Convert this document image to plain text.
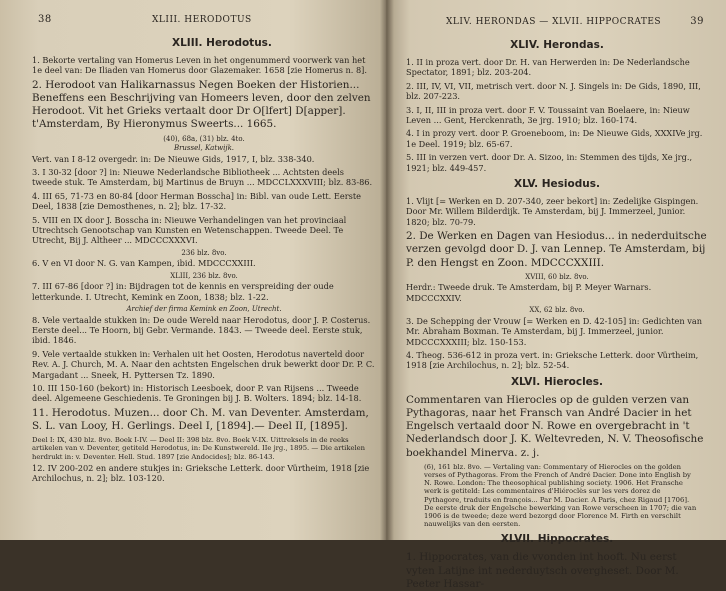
38	XLIII. HERODOTUS
XLIII. Herodotus.

1. Bekorte vertaling van Homerus Leven in het ongenummerd voorwerk van het 1e deel van: De Iliaden van Homerus door Glazemaker. 1658 [zie Homerus n. 8].

2. Herodoot van Halikarnassus Negen Boeken der Historien... Beneffens een Beschrijving van Homeers leven, door den zelven Herodoot. Vit het Grieks vertaalt door Dr O[lfert] D[apper]. t'Amsterdam, By Hieronymus Sweerts... 1665.

(40), 68a, (31) blz. 4to.

Brussel, Katwijk.

Vert. van I 8-12 overgedr. in: De Nieuwe Gids, 1917, I, blz. 338-340.

3. I 30-32 [door ?] in: Nieuwe Nederlandsche Bibliotheek ... Achtsten deels tweede stuk. Te Amsterdam, bij Martinus de Bruyn ... MDCCLXXXVIII; blz. 83-86.

4. III 65, 71-73 en 80-84 [door Herman Bosscha] in: Bibl. van oude Lett. Eerste Deel, 1838 [zie Demosthenes, n. 2]; blz. 17-32.

5. VIII en IX door J. Bosscha in: Nieuwe Verhandelingen van het provinciaal Utrechtsch Genootschap van Kunsten en Wetenschappen. Tweede Deel. Te Utrecht, Bij J. Altheer ... MDCCCXXXVI.

236 blz. 8vo.

6. V en VI door N. G. van Kampen, ibid. MDCCCXXIII.

XLIII, 236 blz. 8vo.

7. III 67-86 [door ?] in: Bijdragen tot de kennis en verspreiding der oude letterkunde. I. Utrecht, Kemink en Zoon, 1838; blz. 1-22.

Archief der firma Kemink en Zoon, Utrecht.

8. Vele vertaalde stukken in: De oude Wereld naar Herodotus, door J. P. Costerus. Eerste deel... Te Hoorn, bij Gebr. Vermande. 1843. — Tweede deel. Eerste stuk, ibid. 1846.

9. Vele vertaalde stukken in: Verhalen uit het Oosten, Herodotus naverteld door Rev. A. J. Church, M. A. Naar den achtsten Engelschen druk bewerkt door Dr. P. C. Margadant ... Sneek, H. Pyttersen Tz. 1890.

10. III 150-160 (bekort) in: Historisch Leesboek, door P. van Rijsens ... Tweede deel. Algemeene Geschiedenis. Te Groningen bij J. B. Wolters. 1894; blz. 14-18.

11. Herodotus. Muzen... door Ch. M. van Deventer. Amsterdam, S. L. van Looy, H. Gerlings. Deel I, [1894].— Deel II, [1895].

Deel I: IX, 430 blz. 8vo. Boek I-IV. — Deel II: 398 blz. 8vo. Boek V-IX. Uittreksels in de reeks artikelen van v. Deventer, getiteld Herodotus, in: De Kunstwereld. IIe jrg., 1895. — Die artikelen herdrukt in: v. Deventer. Hell. Stud. 1897 [zie Andocides]; blz. 86-143.

12. IV 200-202 en andere stukjes in: Grieksche Letterk. door Vürtheim, 1918 [zie Archilochus, n. 2]; blz. 103-120.

XLIV. HERONDAS — XLVII. HIPPOCRATES	39
XLIV. Herondas.

1. II in proza vert. door Dr. H. van Herwerden in: De Nederlandsche Spectator, 1891; blz. 203-204.

2. III, IV, VI, VII, metrisch vert. door N. J. Singels in: De Gids, 1890, III, blz. 207-223.

3. I, II, III in proza vert. door F. V. Toussaint van Boelaere, in: Nieuw Leven ... Gent, Herckenrath, 3e jrg. 1910; blz. 160-174.

4. I in prozy vert. door P. Groeneboom, in: De Nieuwe Gids, XXXIVe jrg. 1e Deel. 1919; blz. 65-67.

5. III in verzen vert. door Dr. A. Sizoo, in: Stemmen des tijds, Xe jrg., 1921; blz. 449-457.

XLV. Hesiodus.

1. Vlijt [= Werken en D. 207-340, zeer bekort] in: Zedelijke Gispingen. Door Mr. Willem Bilderdijk. Te Amsterdam, bij J. Immerzeel, Junior. 1820; blz. 70-79.

2. De Werken en Dagen van Hesiodus... in nederduitsche verzen gevolgd door D. J. van Lennep. Te Amsterdam, bij P. den Hengst en Zoon. MDCCCXXIII.

XVIII, 60 blz. 8vo.

Herdr.: Tweede druk. Te Amsterdam, bij P. Meyer Warnars. MDCCCXXIV.

XX, 62 blz. 8vo.

3. De Schepping der Vrouw [= Werken en D. 42-105] in: Gedichten van Mr. Abraham Boxman. Te Amsterdam, bij J. Immerzeel, junior. MDCCCXXXIII; blz. 150-153.

4. Theog. 536-612 in proza vert. in: Grieksche Letterk. door Vürtheim, 1918 [zie Archilochus, n. 2]; blz. 52-54.

XLVI. Hierocles.

Commentaren van Hierocles op de gulden verzen van Pythagoras, naar het Fransch van André Dacier in het Engelsch vertaald door N. Rowe en overgebracht in 't Nederlandsch door J. K. Weltevreden, N. V. Theosofische boekhandel Minerva. z. j.

(6), 161 blz. 8vo. — Vertaling van: Commentary of Hierocles on the golden verses of Pythagoras. From the French of André Dacier. Done into English by N. Rowe. London: The theosophical publishing society. 1906. Het Fransche werk is getiteld: Les commentaires d'Hiéroclès sur les vers dorez de Pythagore, traduits en françois... Par M. Dacier. A Paris, chez Rigaud [1706]. De eerste druk der Engelsche bewerking van Rowe verscheen in 1707; die van 1906 is de tweede; deze werd bezorgd door Florence M. Firth en verschilt nauwelijks van den eersten.

XLVII. Hippocrates.

1. Hippocrates, van die vvonden int hooft. Nu eerst vyten Latijne int nederduytsch overgheset. Door M. Peeter Hassar-
